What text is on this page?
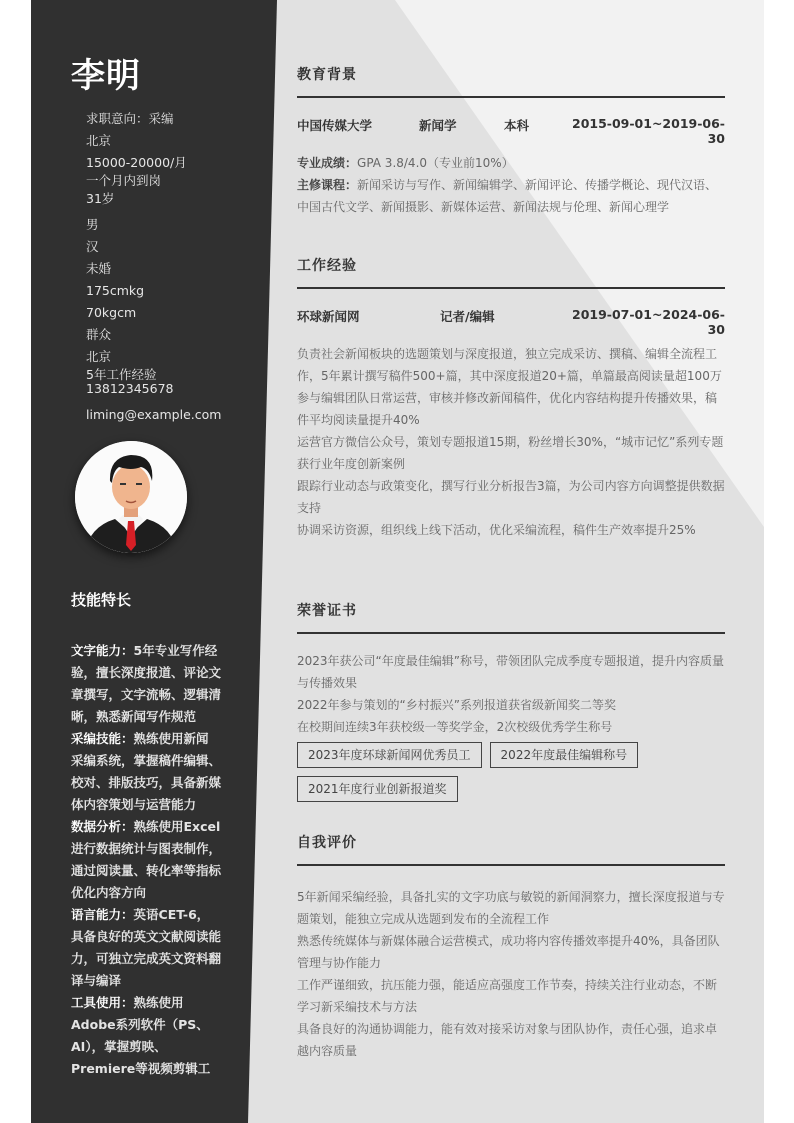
李明
求职意向：采编
北京
15000-20000/月
一个月内到岗
31岁
男
汉
未婚
175cmkg
70kgcm
群众
北京
5年工作经验
13812345678
liming@example.com
技能特长
文字能力：5年专业写作经验，擅长深度报道、评论文章撰写，文字流畅、逻辑清晰，熟悉新闻写作规范
采编技能：熟练使用新闻采编系统，掌握稿件编辑、校对、排版技巧，具备新媒体内容策划与运营能力
数据分析：熟练使用Excel进行数据统计与图表制作，通过阅读量、转化率等指标优化内容方向
语言能力：英语CET-6，具备良好的英文文献阅读能力，可独立完成英文资料翻译与编译
工具使用：熟练使用Adobe系列软件（PS、AI），掌握剪映、Premiere等视频剪辑工
教育背景
中国传媒大学	新闻学	本科	2015-09-01~2019-06-30
专业成绩：GPA 3.8/4.0（专业前10%）
主修课程：新闻采访与写作、新闻编辑学、新闻评论、传播学概论、现代汉语、中国古代文学、新闻摄影、新媒体运营、新闻法规与伦理、新闻心理学
工作经验
环球新闻网	记者/编辑	2019-07-01~2024-06-30
负责社会新闻板块的选题策划与深度报道，独立完成采访、撰稿、编辑全流程工作，5年累计撰写稿件500+篇，其中深度报道20+篇，单篇最高阅读量超100万
参与编辑团队日常运营，审核并修改新闻稿件，优化内容结构提升传播效果，稿件平均阅读量提升40%
运营官方微信公众号，策划专题报道15期，粉丝增长30%，“城市记忆”系列专题获行业年度创新案例
跟踪行业动态与政策变化，撰写行业分析报告3篇，为公司内容方向调整提供数据支持
协调采访资源，组织线上线下活动，优化采编流程，稿件生产效率提升25%
荣誉证书
2023年获公司“年度最佳编辑”称号，带领团队完成季度专题报道，提升内容质量与传播效果
2022年参与策划的“乡村振兴”系列报道获省级新闻奖二等奖
在校期间连续3年获校级一等奖学金，2次校级优秀学生称号
2023年度环球新闻网优秀员工	2022年度最佳编辑称号
2021年度行业创新报道奖
自我评价
5年新闻采编经验，具备扎实的文字功底与敏锐的新闻洞察力，擅长深度报道与专题策划，能独立完成从选题到发布的全流程工作
熟悉传统媒体与新媒体融合运营模式，成功将内容传播效率提升40%，具备团队管理与协作能力
工作严谨细致，抗压能力强，能适应高强度工作节奏，持续关注行业动态，不断学习新采编技术与方法
具备良好的沟通协调能力，能有效对接采访对象与团队协作，责任心强，追求卓越内容质量
